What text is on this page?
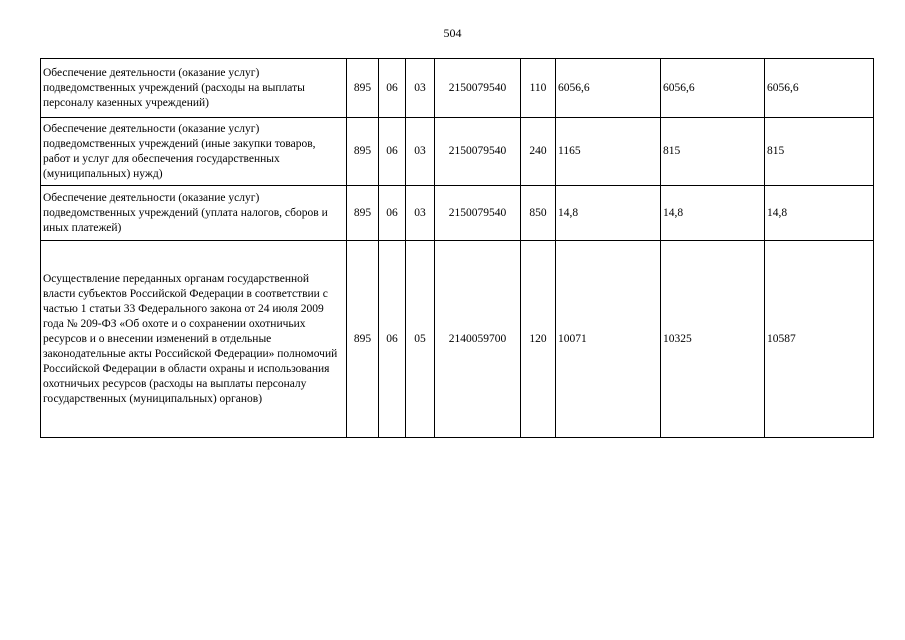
504
Обеспечение деятельности (оказание услуг) подведомственных учреждений (расходы на выплаты персоналу казенных учреждений)	895	06	03	2150079540	110	6056,6	6056,6	6056,6
Обеспечение деятельности (оказание услуг) подведомственных учреждений (иные закупки товаров, работ и услуг для обеспечения государственных (муниципальных) нужд)	895	06	03	2150079540	240	1165	815	815
Обеспечение деятельности (оказание услуг) подведомственных учреждений (уплата налогов, сборов и иных платежей)	895	06	03	2150079540	850	14,8	14,8	14,8
Осуществление переданных органам государственной власти субъектов Российской Федерации в соответствии с частью 1 статьи 33 Федерального закона от 24 июля 2009 года № 209-ФЗ «Об охоте и о сохранении охотничьих ресурсов и о внесении изменений в отдельные законодательные акты Российской Федерации» полномочий Российской Федерации в области охраны и использования охотничьих ресурсов (расходы на выплаты персоналу государственных (муниципальных) органов)	895	06	05	2140059700	120	10071	10325	10587
